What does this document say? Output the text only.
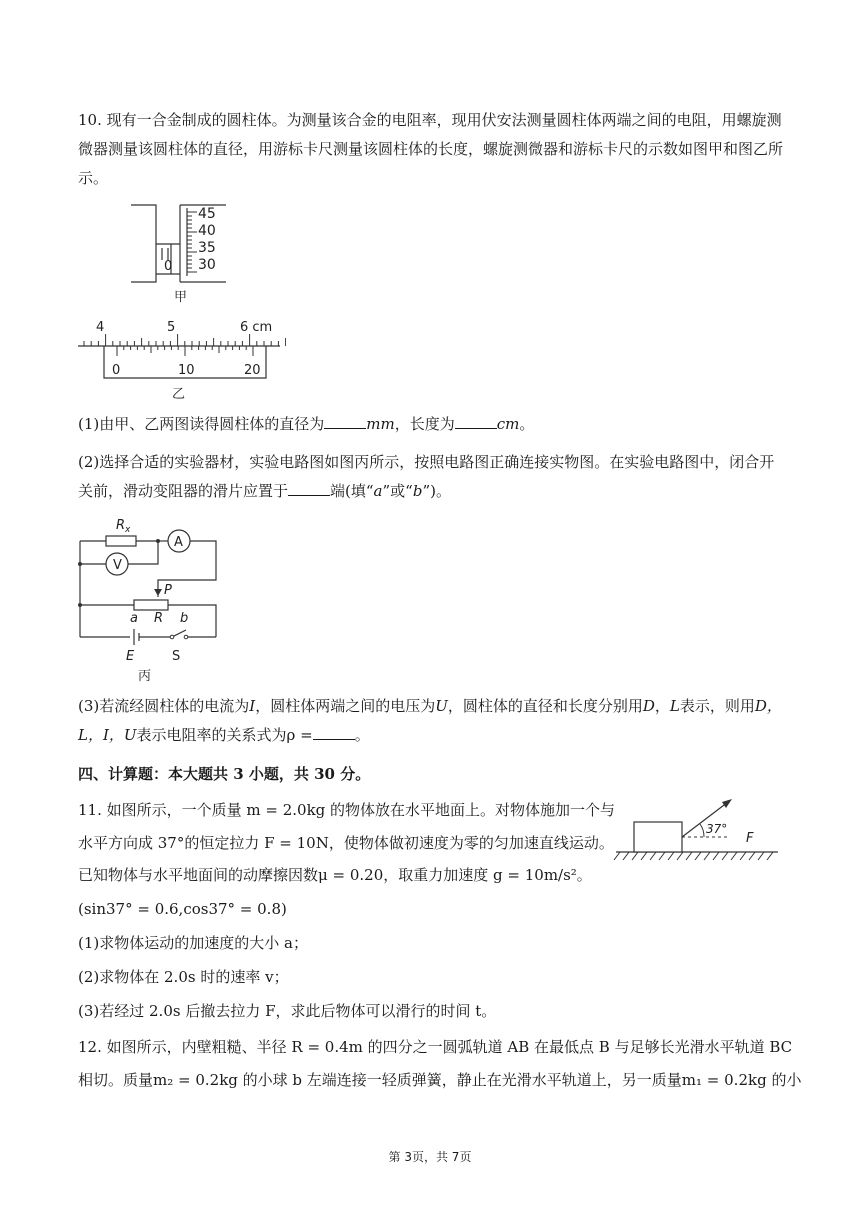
10. 现有一合金制成的圆柱体。为测量该合金的电阻率，现用伏安法测量圆柱体两端之间的电阻，用螺旋测微器测量该圆柱体的直径，用游标卡尺测量该圆柱体的长度，螺旋测微器和游标卡尺的示数如图甲和图乙所示。

45
40
35
30
0
甲
4	5	6 cm
0	10	20
乙

(1)由甲、乙两图读得圆柱体的直径为	mm，长度为	cm。

(2)选择合适的实验器材，实验电路图如图丙所示，按照电路图正确连接实物图。在实验电路图中，闭合开关前，滑动变阻器的滑片应置于	端(填“a”或“b”)。

V
A
$R_x$
P
a R b
E	S
丙

(3)若流经圆柱体的电流为I，圆柱体两端之间的电压为U，圆柱体的直径和长度分别用D，L表示，则用D，L，I，U表示电阻率的关系式为ρ =	。

四、计算题：本大题共 3 小题，共 30 分。

11. 如图所示，一个质量 m = 2.0kg 的物体放在水平地面上。对物体施加一个与

水平方向成 37°的恒定拉力 F = 10N，使物体做初速度为零的匀加速直线运动。

已知物体与水平地面间的动摩擦因数μ = 0.20，取重力加速度 g = 10m/s²。

(sin37° = 0.6,cos37° = 0.8)

(1)求物体运动的加速度的大小 a；

(2)求物体在 2.0s 时的速率 v；

(3)若经过 2.0s 后撤去拉力 F，求此后物体可以滑行的时间 t。

37°
F

12. 如图所示，内壁粗糙、半径 R = 0.4m 的四分之一圆弧轨道 AB 在最低点 B 与足够长光滑水平轨道 BC

相切。质量m₂ = 0.2kg 的小球 b 左端连接一轻质弹簧，静止在光滑水平轨道上，另一质量m₁ = 0.2kg 的小

第 3页，共 7页
